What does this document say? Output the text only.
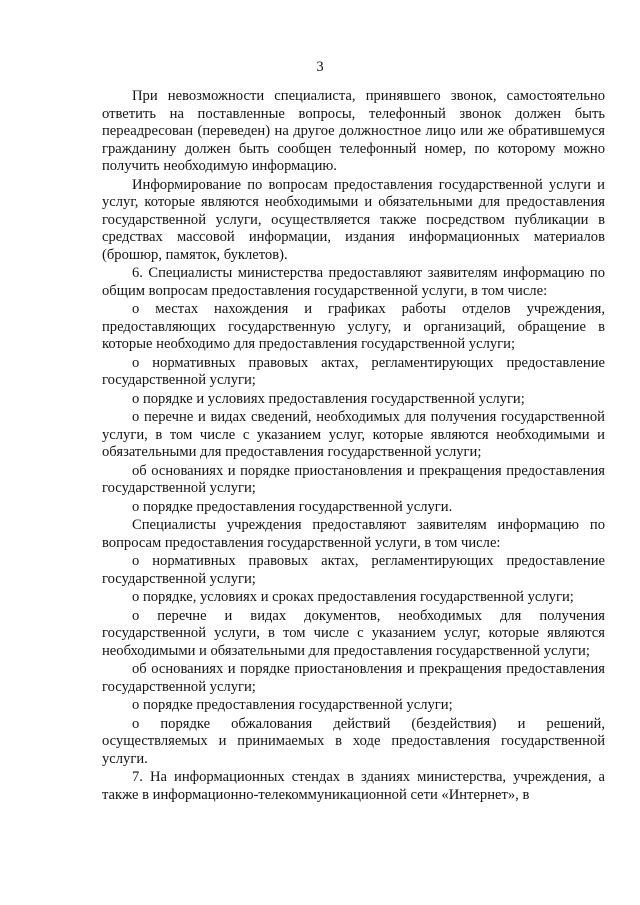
3

При невозможности специалиста, принявшего звонок, самостоятельно ответить на поставленные вопросы, телефонный звонок должен быть переадресован (переведен) на другое должностное лицо или же обратившемуся гражданину должен быть сообщен телефонный номер, по которому можно получить необходимую информацию.

Информирование по вопросам предоставления государственной услуги и услуг, которые являются необходимыми и обязательными для предоставления государственной услуги, осуществляется также посредством публикации в средствах массовой информации, издания информационных материалов (брошюр, памяток, буклетов).

6. Специалисты министерства предоставляют заявителям информацию по общим вопросам предоставления государственной услуги, в том числе:

о местах нахождения и графиках работы отделов учреждения, предоставляющих государственную услугу, и организаций, обращение в которые необходимо для предоставления государственной услуги;

о нормативных правовых актах, регламентирующих предоставление государственной услуги;

о порядке и условиях предоставления государственной услуги;

о перечне и видах сведений, необходимых для получения государственной услуги, в том числе с указанием услуг, которые являются необходимыми и обязательными для предоставления государственной услуги;

об основаниях и порядке приостановления и прекращения предоставления государственной услуги;

о порядке предоставления государственной услуги.

Специалисты учреждения предоставляют заявителям информацию по вопросам предоставления государственной услуги, в том числе:

о нормативных правовых актах, регламентирующих предоставление государственной услуги;

о порядке, условиях и сроках предоставления государственной услуги;

о перечне и видах документов, необходимых для получения государственной услуги, в том числе с указанием услуг, которые являются необходимыми и обязательными для предоставления государственной услуги;

об основаниях и порядке приостановления и прекращения предоставления государственной услуги;

о порядке предоставления государственной услуги;

о порядке обжалования действий (бездействия) и решений, осуществляемых и принимаемых в ходе предоставления государственной услуги.

7. На информационных стендах в зданиях министерства, учреждения, а также в информационно-телекоммуникационной сети «Интернет», в
